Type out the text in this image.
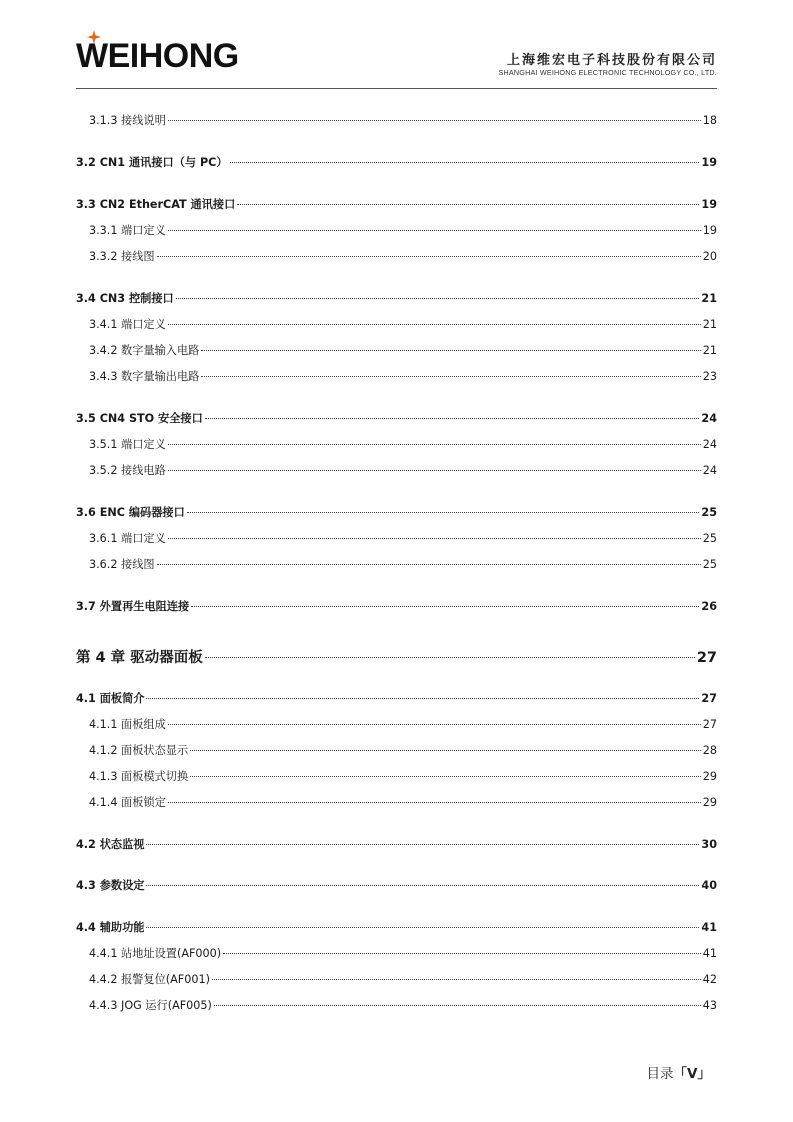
WEIHONG	上海维宏电子科技股份有限公司
SHANGHAI WEIHONG ELECTRONIC TECHNOLOGY CO., LTD.
3.1.3 接线说明	18
3.2 CN1 通讯接口（与 PC）	19
3.3 CN2 EtherCAT 通讯接口	19
3.3.1 端口定义	19
3.3.2 接线图	20
3.4 CN3 控制接口	21
3.4.1 端口定义	21
3.4.2 数字量输入电路	21
3.4.3 数字量输出电路	23
3.5 CN4 STO 安全接口	24
3.5.1 端口定义	24
3.5.2 接线电路	24
3.6 ENC 编码器接口	25
3.6.1 端口定义	25
3.6.2 接线图	25
3.7 外置再生电阻连接	26
第 4 章 驱动器面板	27
4.1 面板简介	27
4.1.1 面板组成	27
4.1.2 面板状态显示	28
4.1.3 面板模式切换	29
4.1.4 面板锁定	29
4.2 状态监视	30
4.3 参数设定	40
4.4 辅助功能	41
4.4.1 站地址设置(AF000)	41
4.4.2 报警复位(AF001)	42
4.4.3 JOG 运行(AF005)	43
目录「V」
